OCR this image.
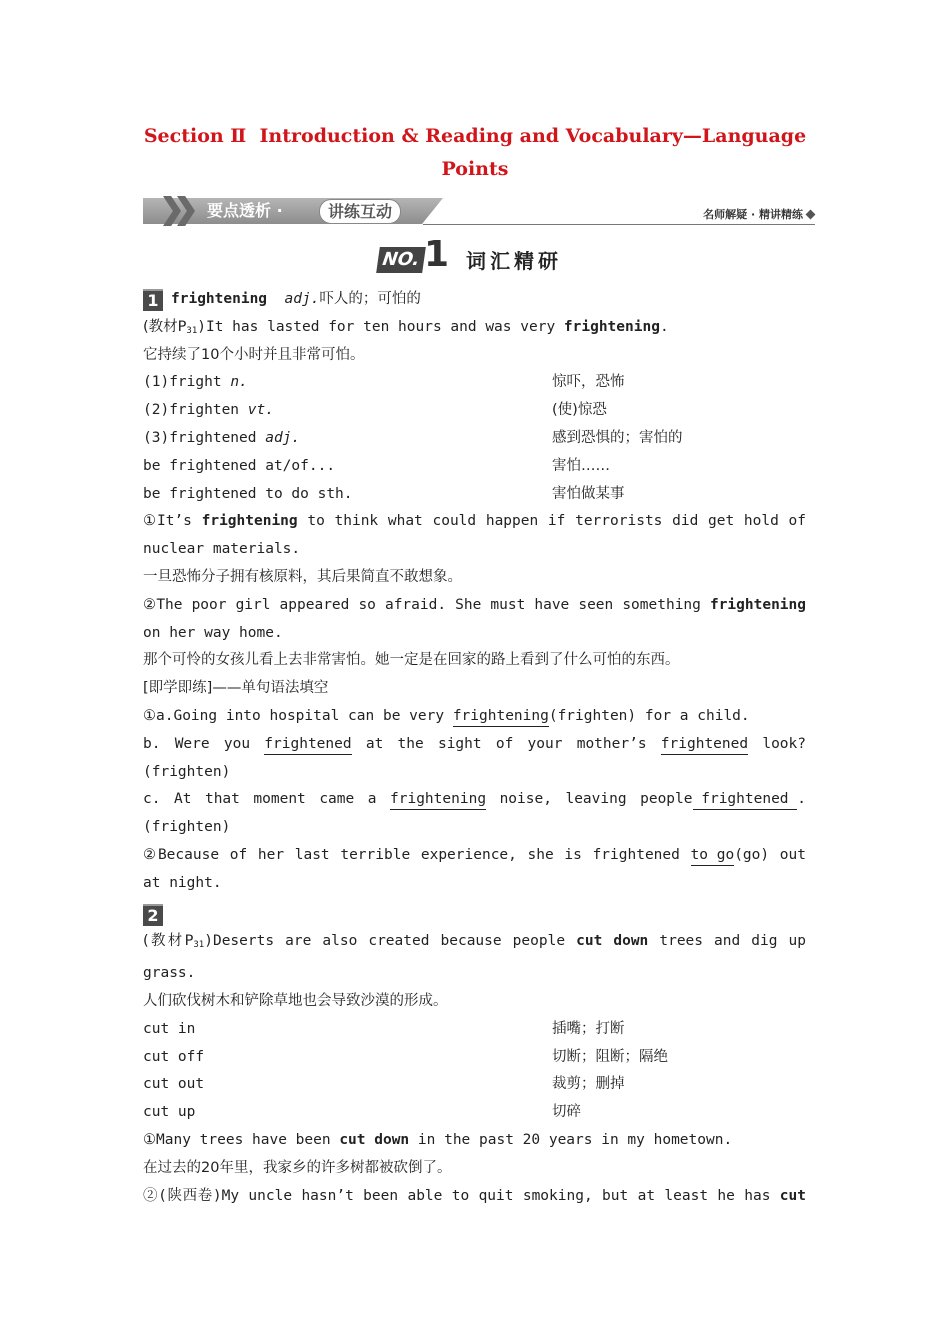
Section Ⅱ  Introduction & Reading and Vocabulary—Language
Points
要点透析 ·	讲练互动	名师解疑 · 精讲精练
NO. 1 词汇精研
1 frightening adj.吓人的；可怕的
(教材$P_{31})It$ has lasted for ten hours and was very frightening.
它持续了10个小时并且非常可怕。
(1)fright n.	惊吓，恐怖
(2)frighten vt.	(使)惊恐
(3)frightened adj.	感到恐惧的；害怕的
be frightened at/of...	害怕……
be frightened to do sth.	害怕做某事
①It’s frightening to think what could happen if terrorists did get hold of nuclear materials.
一旦恐怖分子拥有核原料，其后果简直不敢想象。
②The poor girl appeared so afraid. She must have seen something frightening on her way home.
那个可怜的女孩儿看上去非常害怕。她一定是在回家的路上看到了什么可怕的东西。
[即学即练]——单句语法填空
①a.Going into hospital can be very frightening(frighten) for a child.
b. Were you frightened at the sight of your mother’s frightened look? (frighten)
c. At that moment came a frightening noise, leaving people frightened . (frighten)
②Because of her last terrible experience, she is frightened to go(go) out at night.
2
(教材$P_{31})Deserts$ are also created because people cut down trees and dig up grass.
人们砍伐树木和铲除草地也会导致沙漠的形成。
cut in	插嘴；打断
cut off	切断；阻断；隔绝
cut out	裁剪；删掉
cut up	切碎
①Many trees have been cut down in the past 20 years in my hometown.
在过去的20年里，我家乡的许多树都被砍倒了。
②(陕西卷)My uncle hasn’t been able to quit smoking, but at least he has cut
